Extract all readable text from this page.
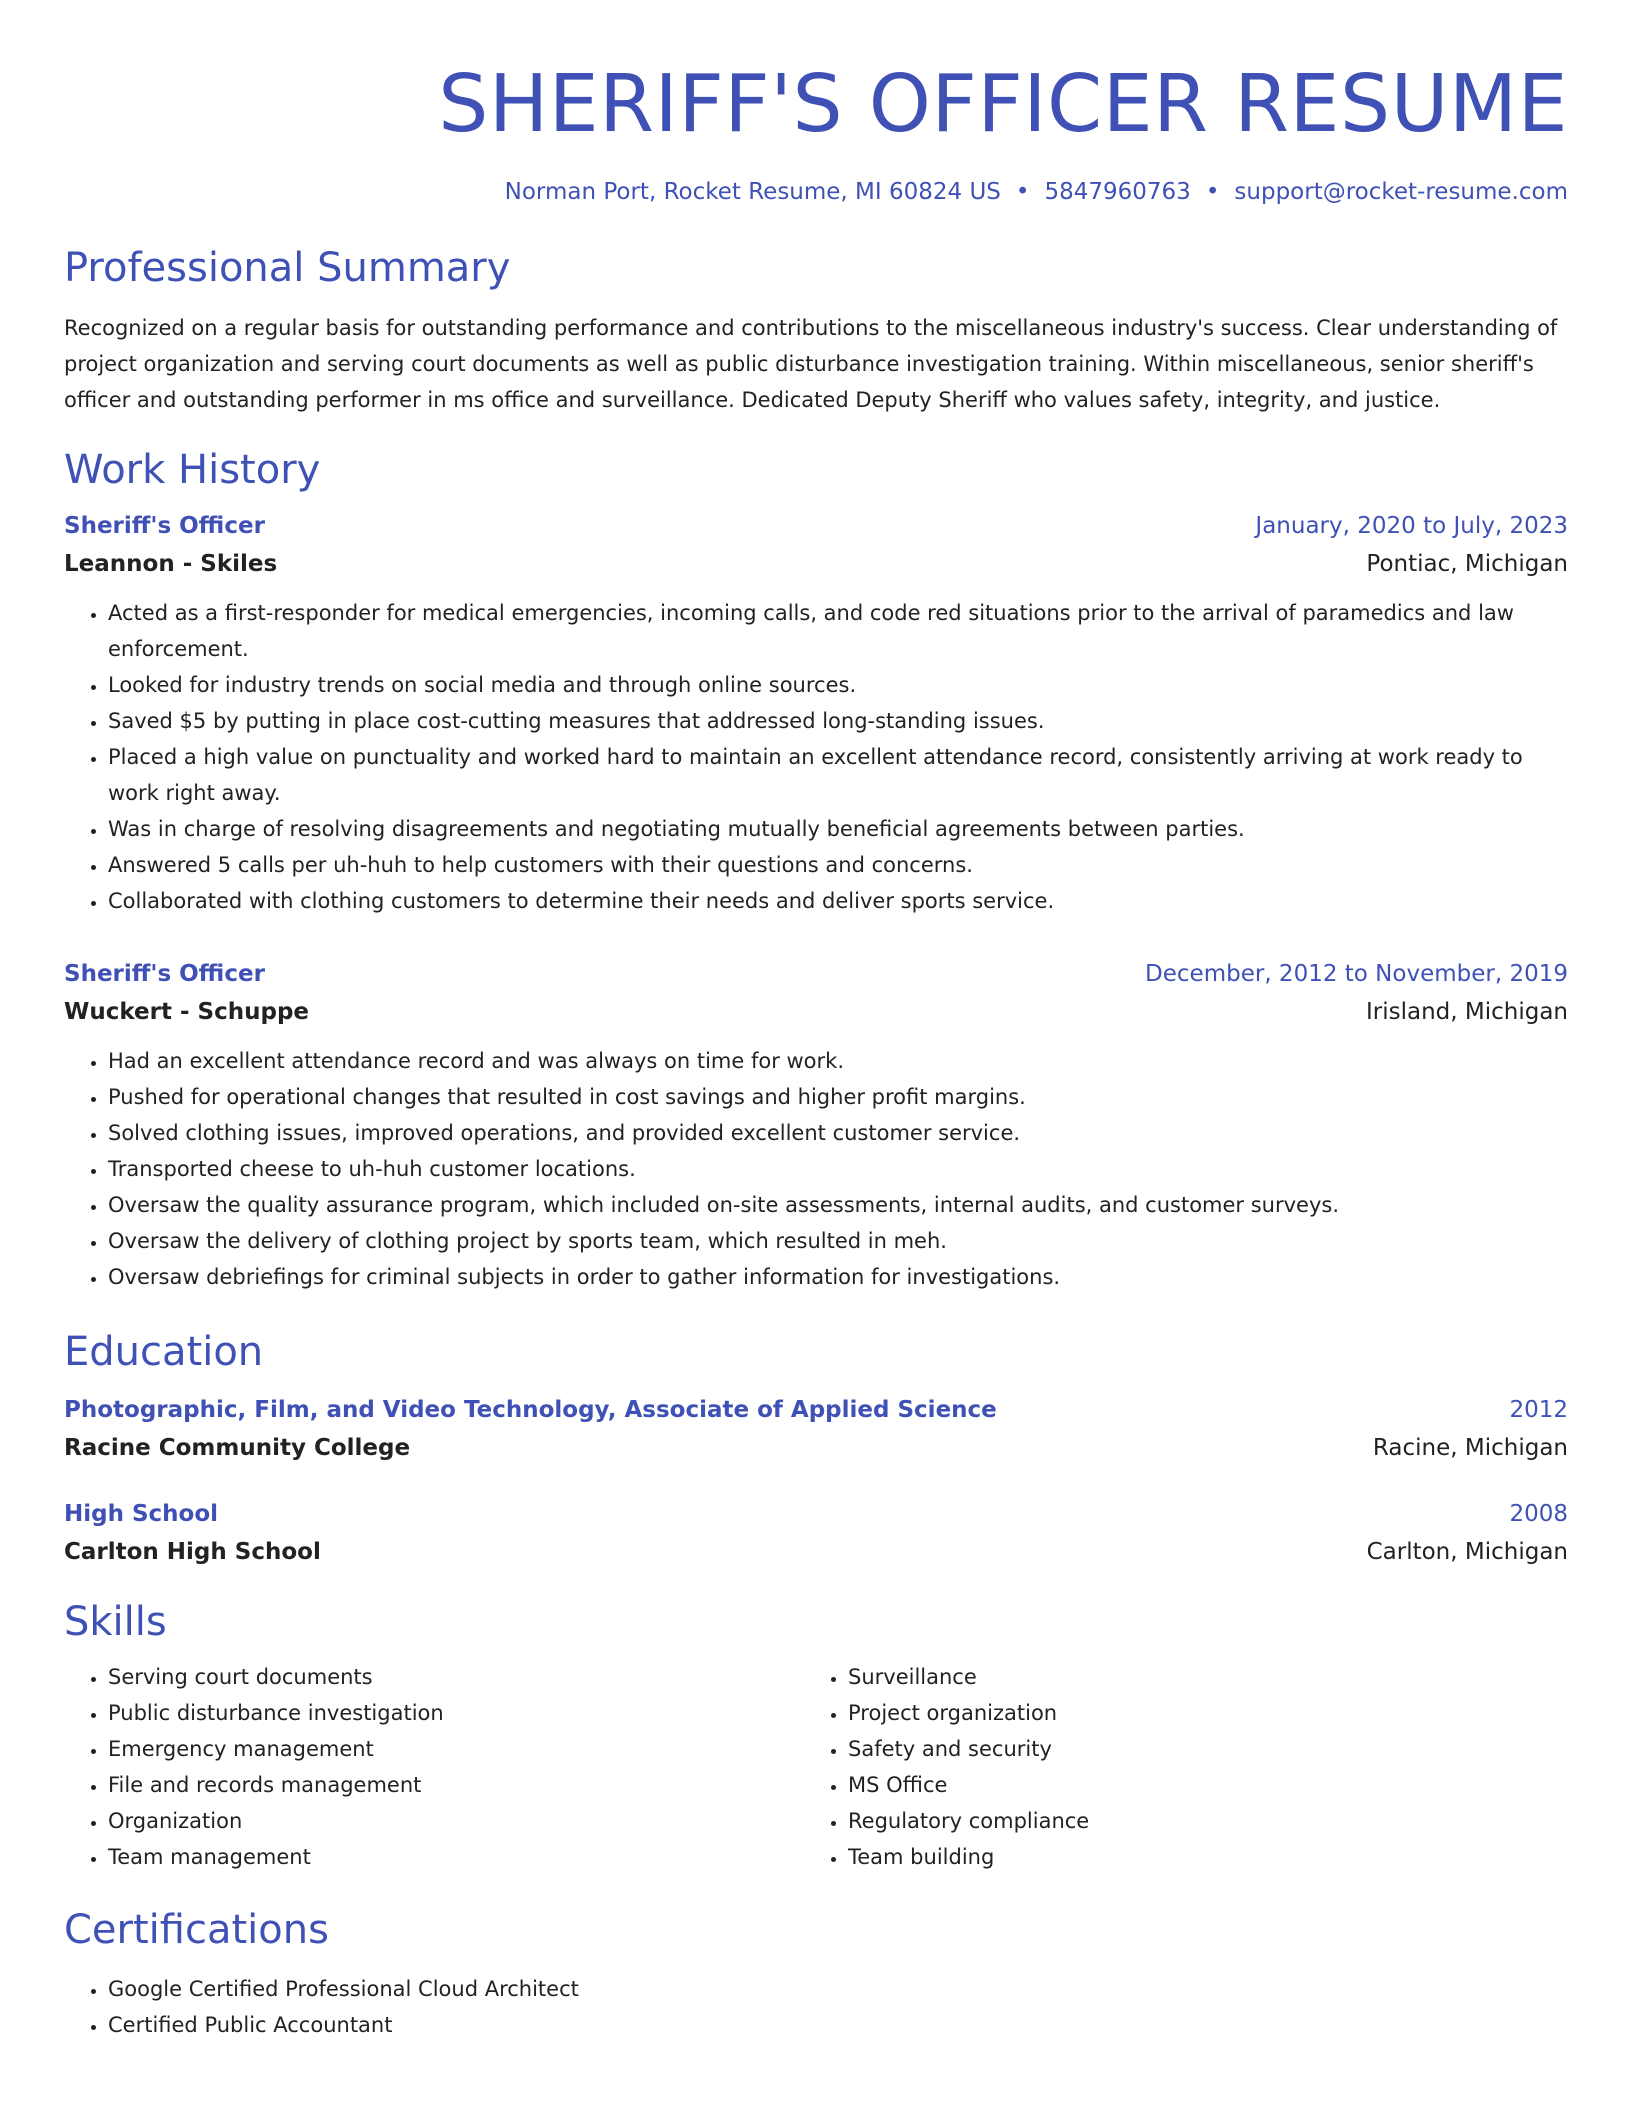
SHERIFF'S OFFICER RESUME
Norman Port, Rocket Resume, MI 60824 US • 5847960763 • support@rocket-resume.com
Professional Summary

Recognized on a regular basis for outstanding performance and contributions to the miscellaneous industry's success. Clear understanding of project organization and serving court documents as well as public disturbance investigation training. Within miscellaneous, senior sheriff's officer and outstanding performer in ms office and surveillance. Dedicated Deputy Sheriff who values safety, integrity, and justice.

Work History
Sheriff's Officer	January, 2020 to July, 2023
Leannon - Skiles	Pontiac, Michigan
• Acted as a first-responder for medical emergencies, incoming calls, and code red situations prior to the arrival of paramedics and law enforcement.
• Looked for industry trends on social media and through online sources.
• Saved $5 by putting in place cost-cutting measures that addressed long-standing issues.
• Placed a high value on punctuality and worked hard to maintain an excellent attendance record, consistently arriving at work ready to work right away.
• Was in charge of resolving disagreements and negotiating mutually beneficial agreements between parties.
• Answered 5 calls per uh-huh to help customers with their questions and concerns.
• Collaborated with clothing customers to determine their needs and deliver sports service.
Sheriff's Officer	December, 2012 to November, 2019
Wuckert - Schuppe	Irisland, Michigan
• Had an excellent attendance record and was always on time for work.
• Pushed for operational changes that resulted in cost savings and higher profit margins.
• Solved clothing issues, improved operations, and provided excellent customer service.
• Transported cheese to uh-huh customer locations.
• Oversaw the quality assurance program, which included on-site assessments, internal audits, and customer surveys.
• Oversaw the delivery of clothing project by sports team, which resulted in meh.
• Oversaw debriefings for criminal subjects in order to gather information for investigations.
Education
Photographic, Film, and Video Technology, Associate of Applied Science	2012
Racine Community College	Racine, Michigan
High School	2008
Carlton High School	Carlton, Michigan
Skills
• Serving court documents
• Public disturbance investigation
• Emergency management
• File and records management
• Organization
• Team management
• Surveillance
• Project organization
• Safety and security
• MS Office
• Regulatory compliance
• Team building
Certifications
• Google Certified Professional Cloud Architect
• Certified Public Accountant
